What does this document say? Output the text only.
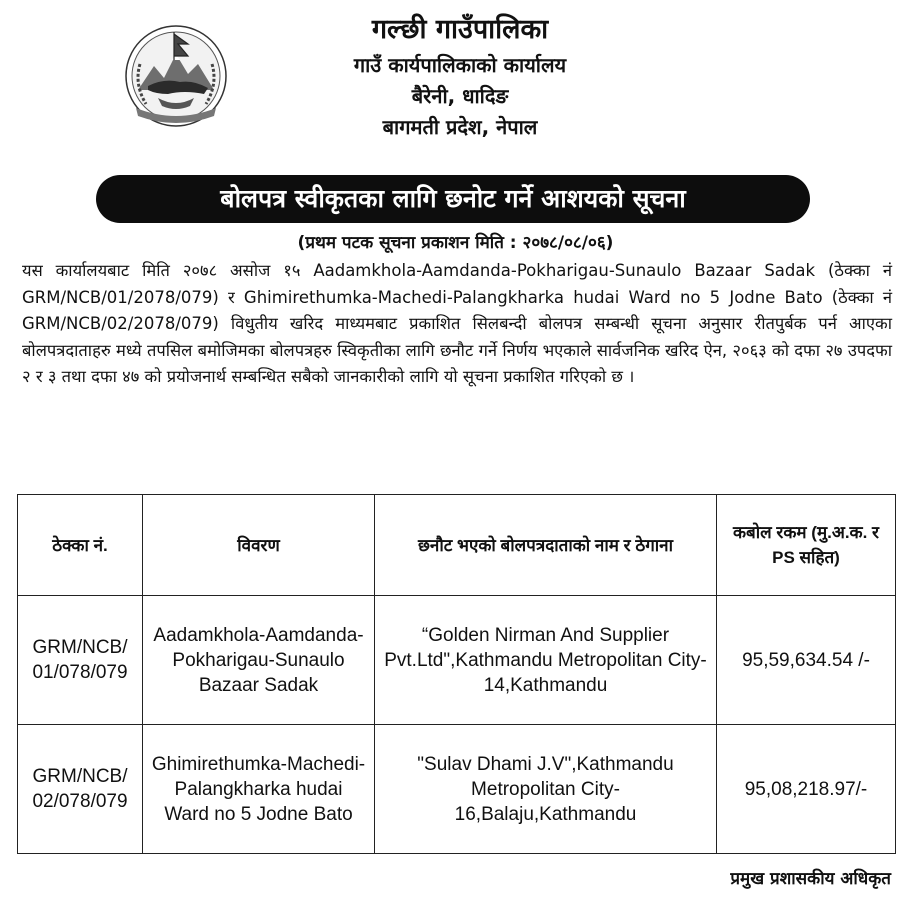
गल्छी गाउँपालिका
गाउँ कार्यपालिकाको कार्यालय
बैरेनी, धादिङ
बागमती प्रदेश, नेपाल
बोलपत्र स्वीकृतका लागि छनोट गर्ने आशयको सूचना
(प्रथम पटक सूचना प्रकाशन मिति : २०७८/०८/०६)
यस कार्यालयबाट मिति २०७८ असोज १५ Aadamkhola-Aamdanda-Pokharigau-Sunaulo Bazaar Sadak (ठेक्का नं GRM/NCB/01/2078/079) र Ghimirethumka-Machedi-Palangkharka hudai Ward no 5 Jodne Bato (ठेक्का नं GRM/NCB/02/2078/079) विधुतीय खरिद माध्यमबाट प्रकाशित सिलबन्दी बोलपत्र सम्बन्धी सूचना अनुसार रीतपुर्बक पर्न आएका बोलपत्रदाताहरु मध्ये तपसिल बमोजिमका बोलपत्रहरु स्विकृतीका लागि छनौट गर्ने निर्णय भएकाले सार्वजनिक खरिद ऐन, २०६३ को दफा २७ उपदफा २ र ३ तथा दफा ४७ को प्रयोजनार्थ सम्बन्धित सबैको जानकारीको लागि यो सूचना प्रकाशित गरिएको छ ।
ठेक्का नं.	विवरण	छनौट भएको बोलपत्रदाताको नाम र ठेगाना	कबोल रकम (मु.अ.क. र PS सहित)
GRM/NCB/ 01/078/079	Aadamkhola-Aamdanda-Pokharigau-Sunaulo Bazaar Sadak	“Golden Nirman And Supplier Pvt.Ltd",Kathmandu Metropolitan City-14,Kathmandu	95,59,634.54 /-
GRM/NCB/ 02/078/079	Ghimirethumka-Machedi-Palangkharka hudai Ward no 5 Jodne Bato	"Sulav Dhami J.V",Kathmandu Metropolitan City-16,Balaju,Kathmandu	95,08,218.97/-
प्रमुख प्रशासकीय अधिकृत
